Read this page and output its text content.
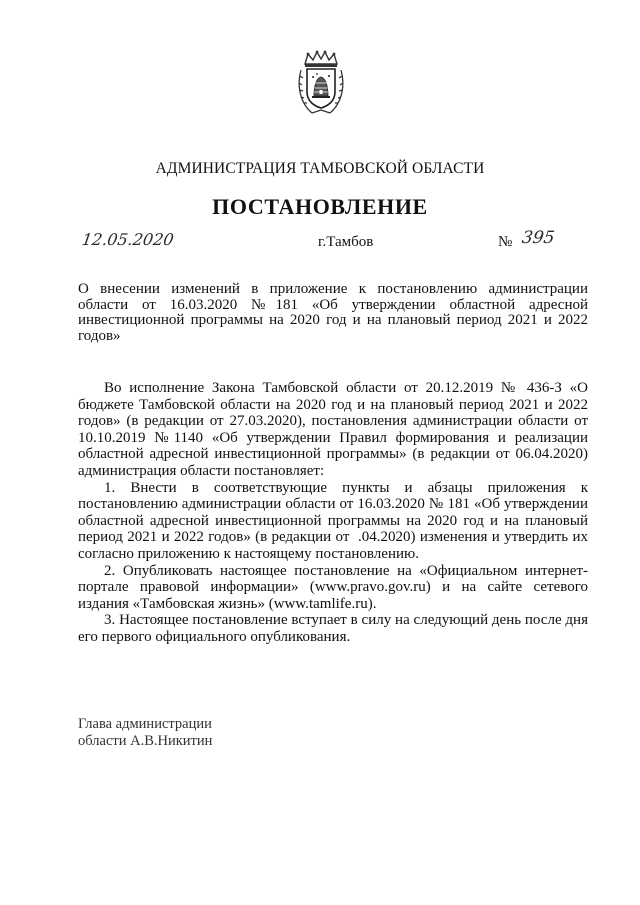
АДМИНИСТРАЦИЯ ТАМБОВСКОЙ ОБЛАСТИ
ПОСТАНОВЛЕНИЕ
12.05.2020	г.Тамбов	№ 395
О внесении изменений в приложение к постановлению администрации области от 16.03.2020 №181 «Об утверждении областной адресной инвестиционной программы на 2020 год и на плановый период 2021 и 2022 годов»

Во исполнение Закона Тамбовской области от 20.12.2019 № 436-З «О бюджете Тамбовской области на 2020 год и на плановый период 2021 и 2022 годов» (в редакции от 27.03.2020), постановления администрации области от 10.10.2019 №1140 «Об утверждении Правил формирования и реализации областной адресной инвестиционной программы» (в редакции от 06.04.2020) администрация области постановляет:

1. Внести в соответствующие пункты и абзацы приложения к постановлению администрации области от 16.03.2020 № 181 «Об утверждении областной адресной инвестиционной программы на 2020 год и на плановый период 2021 и 2022 годов» (в редакции от ‍ ‍.04.2020) изменения и утвердить их согласно приложению к настоящему постановлению.

2. Опубликовать настоящее постановление на «Официальном интернет-портале правовой информации» (www.pravo.gov.ru) и на сайте сетевого издания «Тамбовская жизнь» (www.tamlife.ru).

3. Настоящее постановление вступает в силу на следующий день после дня его первого официального опубликования.

Глава администрации
области А.В.Никитин
